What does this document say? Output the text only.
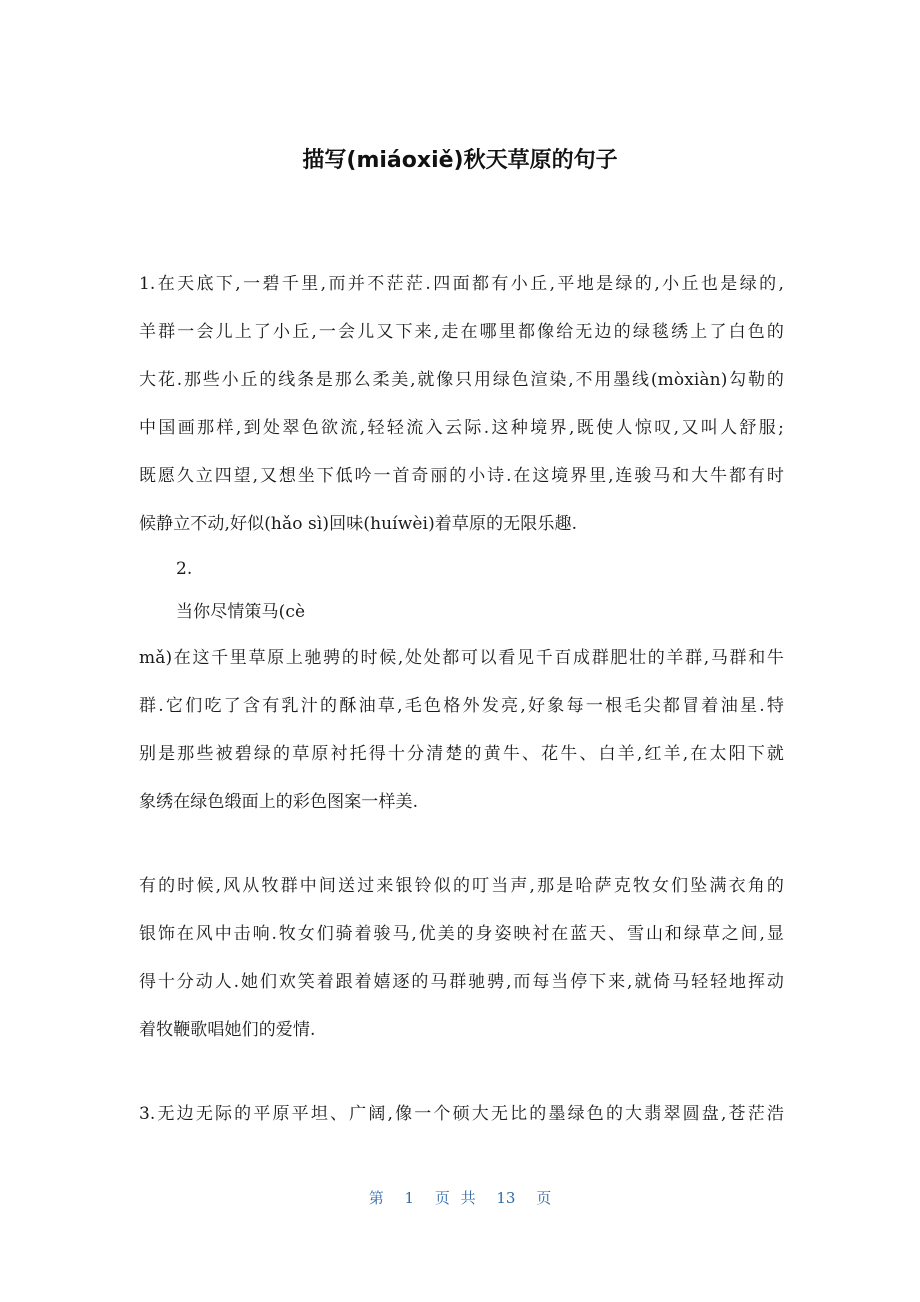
描写(miáoxiě)秋天草原的句子
1.在天底下,一碧千里,而并不茫茫.四面都有小丘,平地是绿的,小丘也是绿的,
羊群一会儿上了小丘,一会儿又下来,走在哪里都像给无边的绿毯绣上了白色的
大花.那些小丘的线条是那么柔美,就像只用绿色渲染,不用墨线(mòxiàn)勾勒的
中国画那样,到处翠色欲流,轻轻流入云际.这种境界,既使人惊叹,又叫人舒服;
既愿久立四望,又想坐下低吟一首奇丽的小诗.在这境界里,连骏马和大牛都有时
候静立不动,好似(hǎo sì)回味(huíwèi)着草原的无限乐趣.
2.
当你尽情策马(cè
mǎ)在这千里草原上驰骋的时候,处处都可以看见千百成群肥壮的羊群,马群和牛
群.它们吃了含有乳汁的酥油草,毛色格外发亮,好象每一根毛尖都冒着油星.特
别是那些被碧绿的草原衬托得十分清楚的黄牛、花牛、白羊,红羊,在太阳下就
象绣在绿色缎面上的彩色图案一样美.
有的时候,风从牧群中间送过来银铃似的叮当声,那是哈萨克牧女们坠满衣角的
银饰在风中击响.牧女们骑着骏马,优美的身姿映衬在蓝天、雪山和绿草之间,显
得十分动人.她们欢笑着跟着嬉逐的马群驰骋,而每当停下来,就倚马轻轻地挥动
着牧鞭歌唱她们的爱情.
3.无边无际的平原平坦、广阔,像一个硕大无比的墨绿色的大翡翠圆盘,苍茫浩
第 1 页 共 13 页
